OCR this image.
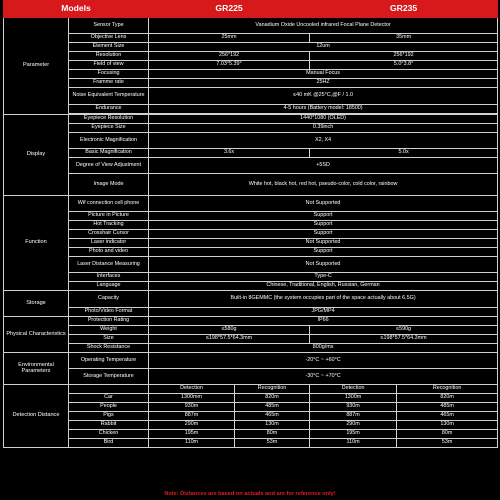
Models		GR225		GR235	
Parameter	Sensor Type	Vanadium Oxide Uncooled infrared Focal Plane Detector			
	Objective Lens	25mm		35mm	
	Element Size	12um			
	Resolution	256*192		256*192	
	Field of view	7.03°5.39°		5.0°3.8°	
	Focusing	Manual Focus			
	Framme rate	25HZ			
	Noise Equivalent Temperature	≤40 mK @25°C,@F / 1.0			
	Endurance	4-5 hours (Battery model: 18500)			

Display	Eyepiece Resolution	1440*1080 (OLED)			
	Eyepiece Size	0.39inch			
	Electronic Magnification	X2, X4			
	Basic Magnification	3.6x		5.0x	
	Degree of View Adjustment	+5SD			
	Image Mode	White hot, black hot, red hot, pseudo-color, cold color, rainbow			
Function	Wif connection cell phone	Not Supported			
	Picture in Picture	Support			
	Hot Tracking	Support			
	Crosshair Cursor	Support			
	Laser indicator	Not Supported			
	Photo and video	Support			
	Laser Distance Measuring	Not Supported			
	Interfaces	Type-C			
	Language	Chinese, Traditional, English, Russian, German			
Storage	Capacity	Built-in 8GEMMC (the system occupies part of the space actually about 6.5G)			
	Photo/Video Format	JPG/MP4			
Physical Characteristics	Protection Rating	IP66			
	Weight	≤580g		≤590g	
	Size	≤198*57.5*64.3mm		≤198*57.5*64.3mm	
	Shock Resistance	800g/ms			
Environmental Parameters	Operating Temperature	-20°C ~ +60°C			
	Storage Temperature	-30°C ~ +70°C			
Detection Distance		Detection	Recognition	Detection	Recognition
	Car	1300mm	820m	1300m	820m
	People	930m	485m	930m	485m
	Pigs	887m	465m	887m	465m
	Rabbit	290m	130m	290m	130m
	Chicken	195m	80m	195m	80m
	Bird	110m	53m	110m	53m
Note: Distances are based on actuals and are for reference only!
